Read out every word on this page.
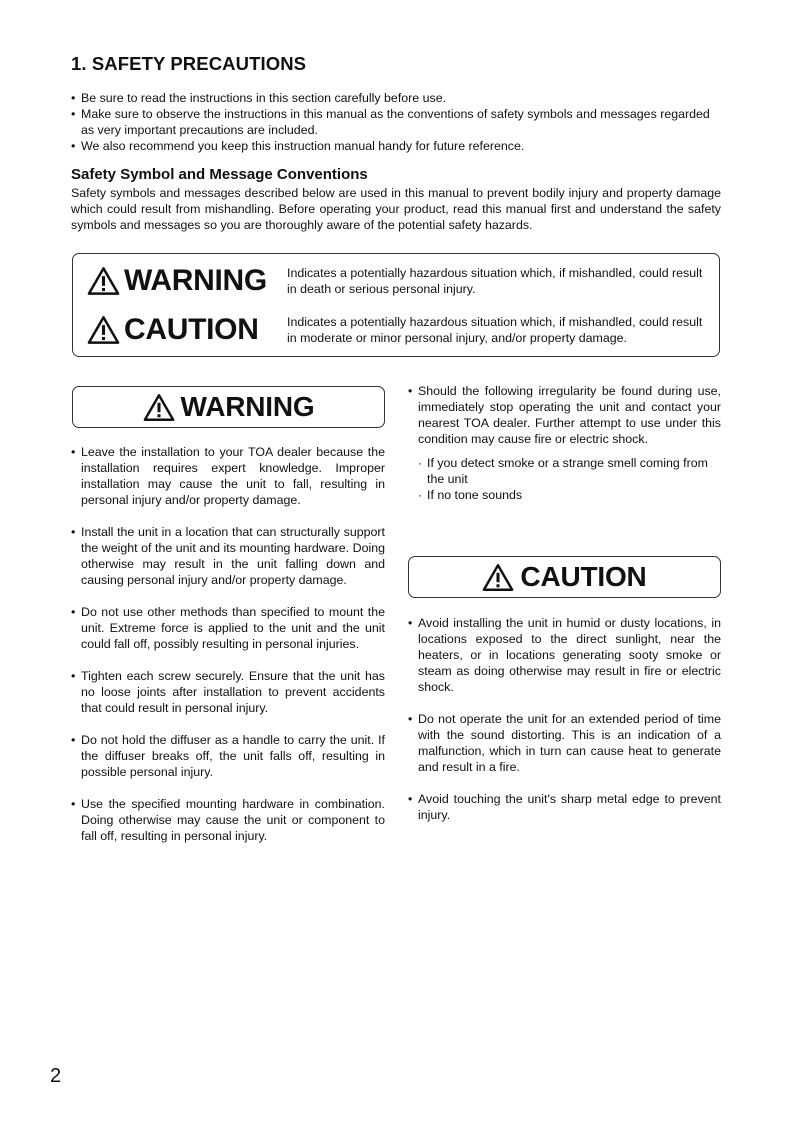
1. SAFETY PRECAUTIONS
• Be sure to read the instructions in this section carefully before use.
• Make sure to observe the instructions in this manual as the conventions of safety symbols and messages regarded as very important precautions are included.
• We also recommend you keep this instruction manual handy for future reference.
Safety Symbol and Message Conventions

Safety symbols and messages described below are used in this manual to prevent bodily injury and property damage which could result from mishandling. Before operating your product, read this manual first and understand the safety symbols and messages so you are thoroughly aware of the potential safety hazards.

WARNING Indicates a potentially hazardous situation which, if mishandled, could result in death or serious personal injury.
CAUTION Indicates a potentially hazardous situation which, if mishandled, could result in moderate or minor personal injury, and/or property damage.
WARNING
• Leave the installation to your TOA dealer because the installation requires expert knowledge. Improper installation may cause the unit to fall, resulting in personal injury and/or property damage.
• Install the unit in a location that can structurally support the weight of the unit and its mounting hardware. Doing otherwise may result in the unit falling down and causing personal injury and/or property damage.
• Do not use other methods than specified to mount the unit. Extreme force is applied to the unit and the unit could fall off, possibly resulting in personal injuries.
• Tighten each screw securely. Ensure that the unit has no loose joints after installation to prevent accidents that could result in personal injury.
• Do not hold the diffuser as a handle to carry the unit. If the diffuser breaks off, the unit falls off, resulting in possible personal injury.
• Use the specified mounting hardware in combination. Doing otherwise may cause the unit or component to fall off, resulting in personal injury.
• Should the following irregularity be found during use, immediately stop operating the unit and contact your nearest TOA dealer. Further attempt to use under this condition may cause fire or electric shock.
· If you detect smoke or a strange smell coming from the unit
· If no tone sounds
CAUTION
• Avoid installing the unit in humid or dusty locations, in locations exposed to the direct sunlight, near the heaters, or in locations generating sooty smoke or steam as doing otherwise may result in fire or electric shock.
• Do not operate the unit for an extended period of time with the sound distorting. This is an indication of a malfunction, which in turn can cause heat to generate and result in a fire.
• Avoid touching the unit's sharp metal edge to prevent injury.
2
